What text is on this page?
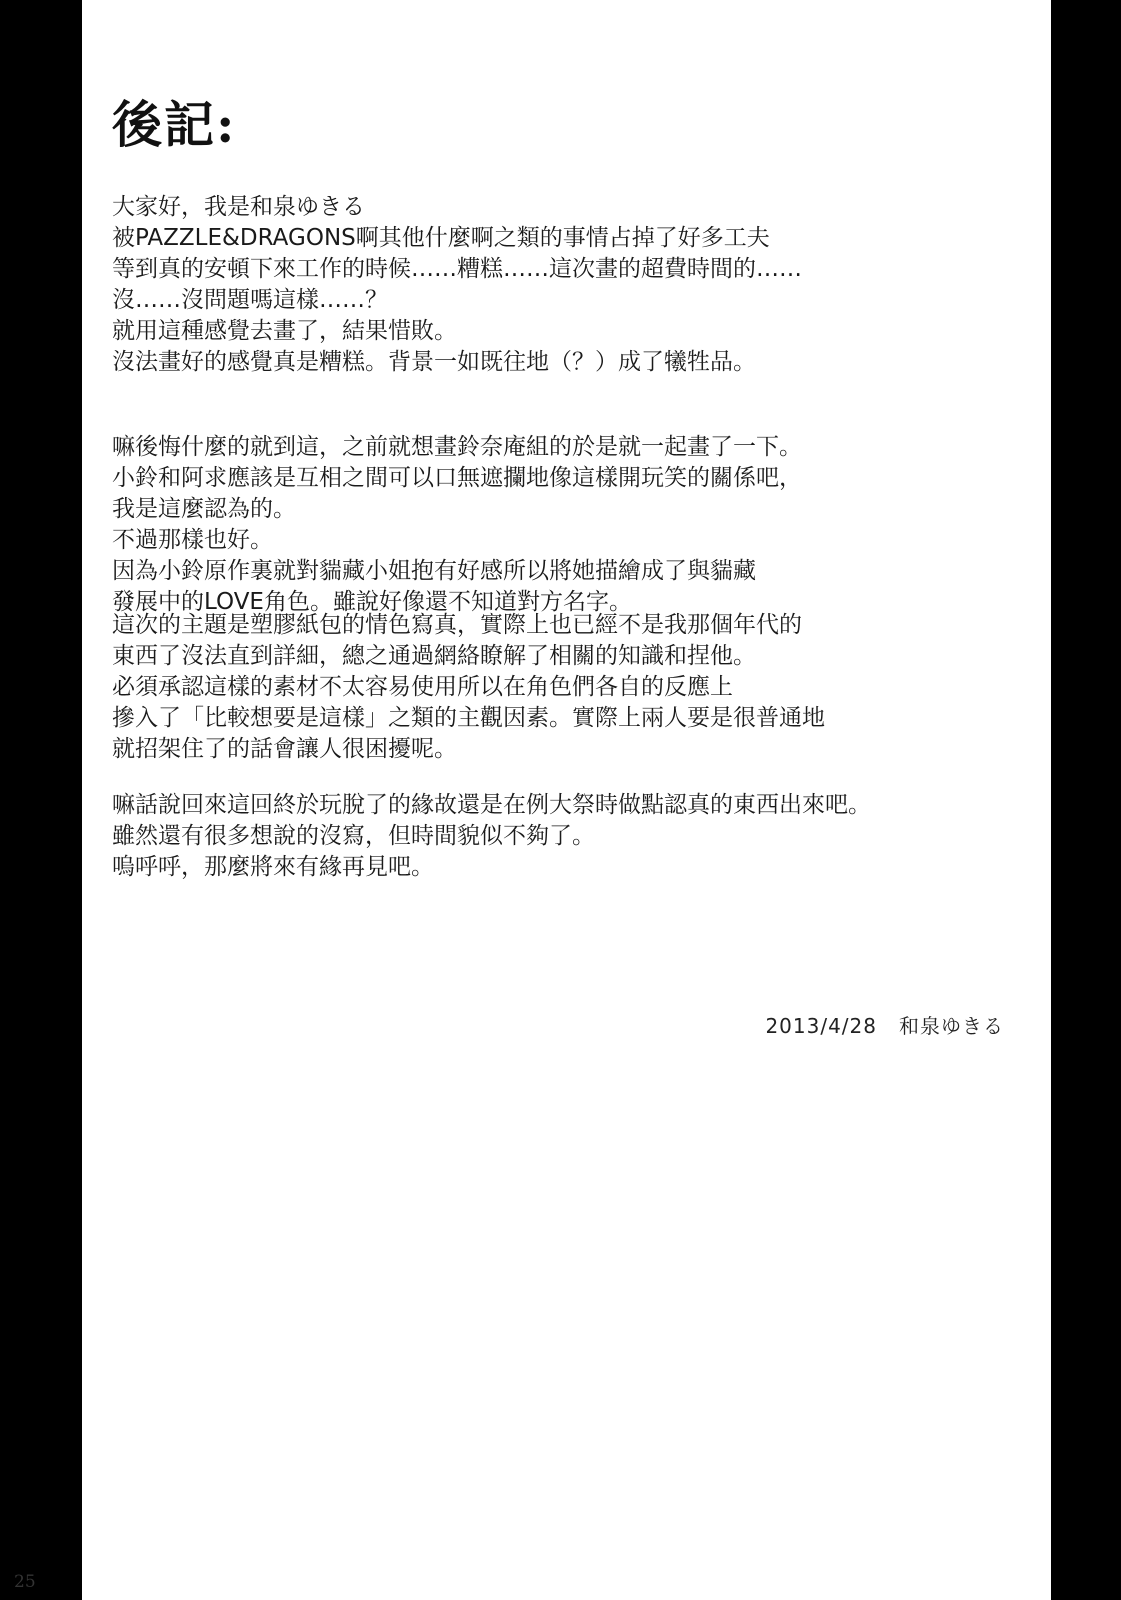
後記:
大家好，我是和泉ゆきる
被PAZZLE&DRAGONS啊其他什麼啊之類的事情占掉了好多工夫
等到真的安頓下來工作的時候……糟糕……這次畫的超費時間的……
沒……沒問題嗎這樣……？
就用這種感覺去畫了，結果惜敗。
沒法畫好的感覺真是糟糕。背景一如既往地（？）成了犧牲品。
嘛後悔什麼的就到這，之前就想畫鈴奈庵組的於是就一起畫了一下。
小鈴和阿求應該是互相之間可以口無遮攔地像這樣開玩笑的關係吧，
我是這麼認為的。
不過那樣也好。
因為小鈴原作裏就對貒藏小姐抱有好感所以將她描繪成了與貒藏
發展中的LOVE角色。雖說好像還不知道對方名字。
這次的主題是塑膠紙包的情色寫真，實際上也已經不是我那個年代的
東西了沒法直到詳細，總之通過網絡瞭解了相關的知識和捏他。
必須承認這樣的素材不太容易使用所以在角色們各自的反應上
摻入了「比較想要是這樣」之類的主觀因素。實際上兩人要是很普通地
就招架住了的話會讓人很困擾呢。
嘛話說回來這回終於玩脫了的緣故還是在例大祭時做點認真的東西出來吧。
雖然還有很多想說的沒寫，但時間貌似不夠了。
嗚呼呼，那麼將來有緣再見吧。
2013/4/28 和泉ゆきる
25
